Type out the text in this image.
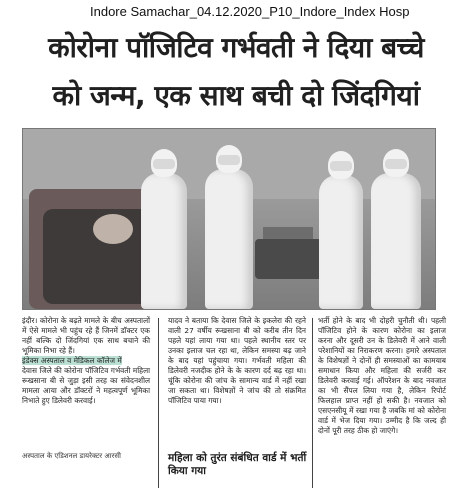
Indore Samachar_04.12.2020_P10_Indore_Index Hosp
कोरोना पॉजिटिव गर्भवती ने दिया बच्चे
को जन्म, एक साथ बची दो जिंदगियां

इंदौर। कोरोना के बढ़ते मामले के बीच अस्पतालों में ऐसे मामले भी पहुंच रहे हैं जिनमें डॉक्टर एक नहीं बल्कि दो जिंदगियां एक साथ बचाने की भूमिका निभा रहे हैं।

इंडेक्स अस्पताल व मेडिकल कॉलेज में

देवास जिले की कोरोना पॉजिटिव गर्भवती महिला रूखसाना बी से जुड़ा इसी तरह का संवेदनशील मामला आया और डॉक्टरों ने महत्वपूर्ण भूमिका निभाते हुए डिलेवरी करवाई।

अस्पताल के एडिशनल डायरेक्टर आरसी

यादव ने बताया कि देवास जिले के इकलेरा की रहने वाली 27 वर्षीय रूखसाना बी को करीब तीन दिन पहले यहां लाया गया था। पहले स्थानीय स्तर पर उनका इलाज चल रहा था, लेकिन समस्या बढ़ जाने के बाद यहां पहुंचाया गया। गर्भवती महिला की डिलेवरी नजदीक होने के के कारण दर्द बढ़ रहा था। चूंकि कोरोना की जांच के सामान्य वार्ड में नहीं रखा जा सकता था। विशेषज्ञों ने जांच की तो संक्रमित पॉजिटिव पाया गया।

महिला को तुरंत संबंधित वार्ड में भर्ती किया गया

भर्ती होने के बाद भी दोहरी चुनौती थी। पहली पॉजिटिव होने के कारण कोरोना का इलाज करना और दूसरी उन के डिलेवरी में आने वाली परेशानियों का निराकरण करना। हमारे अस्पताल के विशेषज्ञों ने दोनों ही समस्याओं का कामयाब समाधान किया और महिला की सर्जरी कर डिलेवरी करवाई गई। ऑपरेशन के बाद नवजात का भी सैंपल लिया गया है, लेकिन रिपोर्ट फिलहाल प्राप्त नहीं हो सकी है। नवजात को एसएनसीयू में रखा गया है जबकि मां को कोरोना वार्ड में भेज दिया गया। उम्मीद है कि जल्द ही दोनों पूरी तरह ठीक हो जाएंगे।
